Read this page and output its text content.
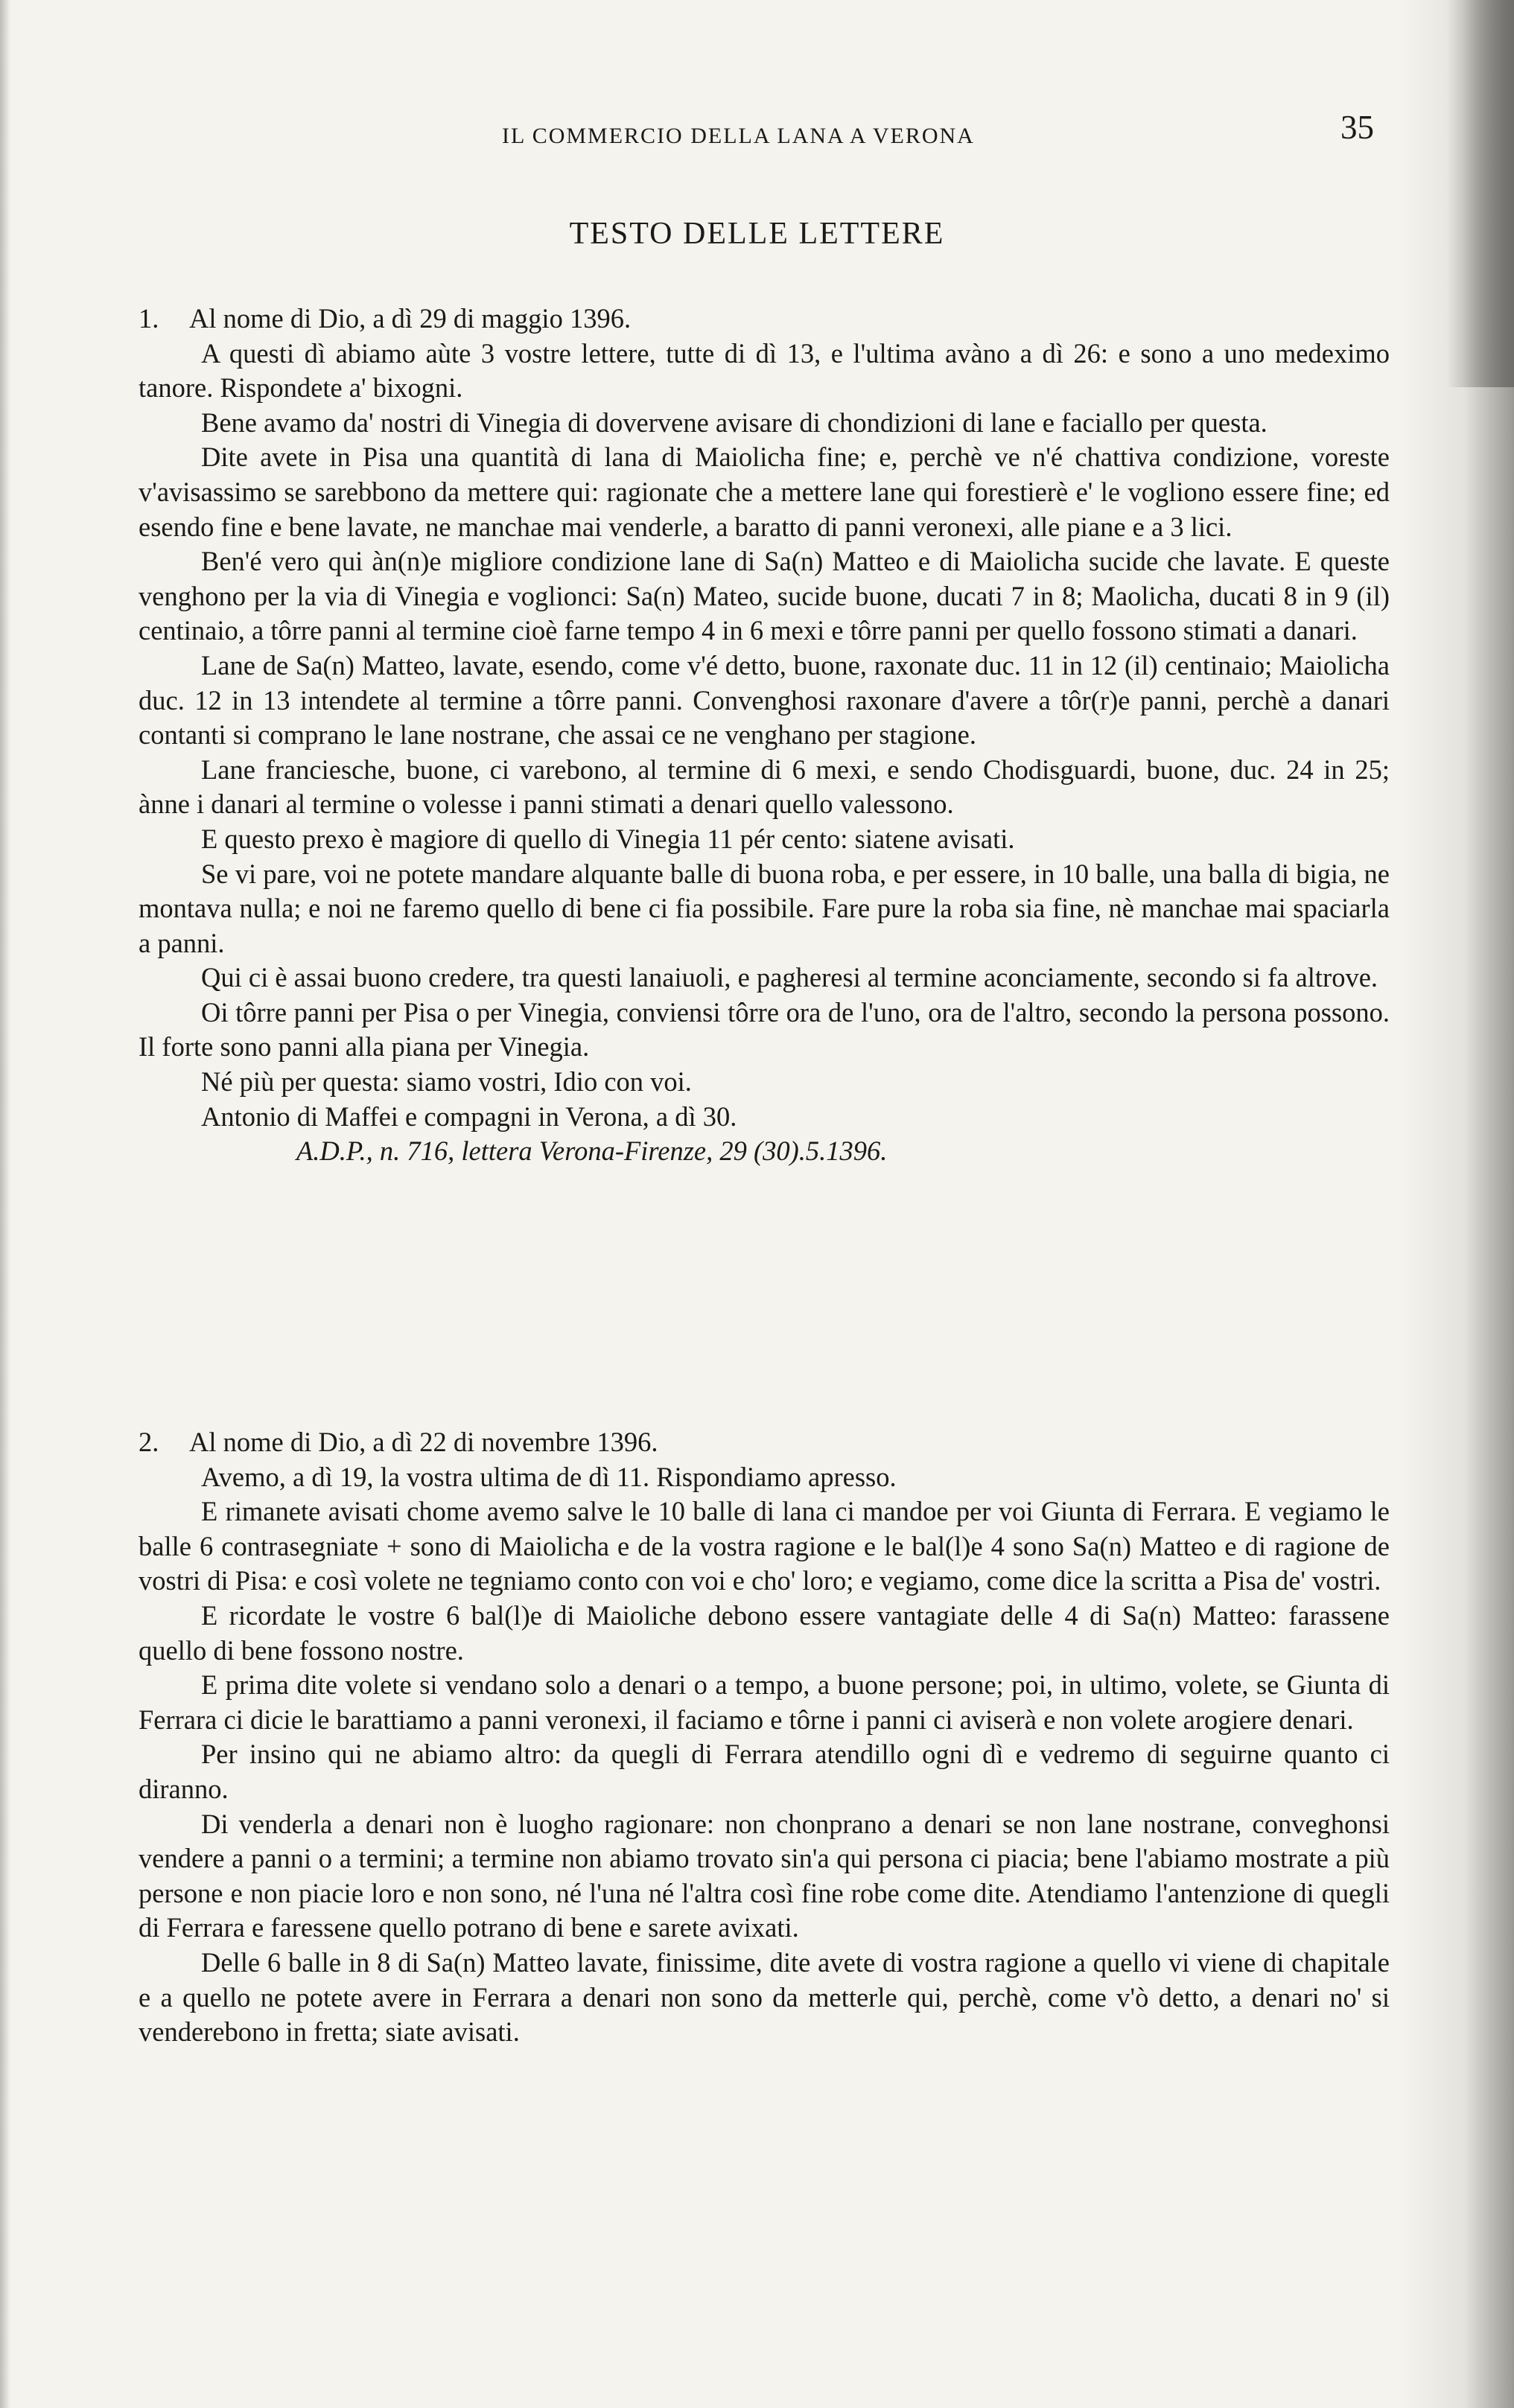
IL COMMERCIO DELLA LANA A VERONA	35
TESTO DELLE LETTERE
1.	Al nome di Dio, a dì 29 di maggio 1396.

A questi dì abiamo aùte 3 vostre lettere, tutte di dì 13, e l'ultima avàno a dì 26: e sono a uno medeximo tanore. Rispondete a' bixogni.

Bene avamo da' nostri di Vinegia di dovervene avisare di chondizioni di lane e faciallo per questa.

Dite avete in Pisa una quantità di lana di Maiolicha fine; e, perchè ve n'é chattiva condizione, voreste v'avisassimo se sarebbono da mettere qui: ragionate che a mettere lane qui forestierè e' le vogliono essere fine; ed esendo fine e bene lavate, ne manchae mai venderle, a baratto di panni veronexi, alle piane e a 3 lici.

Ben'é vero qui àn(n)e migliore condizione lane di Sa(n) Matteo e di Maiolicha sucide che lavate. E queste venghono per la via di Vinegia e voglionci: Sa(n) Mateo, sucide buone, ducati 7 in 8; Maolicha, ducati 8 in 9 (il) centinaio, a tôrre panni al termine cioè farne tempo 4 in 6 mexi e tôrre panni per quello fossono stimati a danari.

Lane de Sa(n) Matteo, lavate, esendo, come v'é detto, buone, raxonate duc. 11 in 12 (il) centinaio; Maiolicha duc. 12 in 13 intendete al termine a tôrre panni. Convenghosi raxonare d'avere a tôr(r)e panni, perchè a danari contanti si comprano le lane nostrane, che assai ce ne venghano per stagione.

Lane franciesche, buone, ci varebono, al termine di 6 mexi, e sendo Chodisguardi, buone, duc. 24 in 25; ànne i danari al termine o volesse i panni stimati a denari quello valessono.

E questo prexo è magiore di quello di Vinegia 11 pér cento: siatene avisati.

Se vi pare, voi ne potete mandare alquante balle di buona roba, e per essere, in 10 balle, una balla di bigia, ne montava nulla; e noi ne faremo quello di bene ci fia possibile. Fare pure la roba sia fine, nè manchae mai spaciarla a panni.

Qui ci è assai buono credere, tra questi lanaiuoli, e pagheresi al termine aconciamente, secondo si fa altrove.

Oi tôrre panni per Pisa o per Vinegia, conviensi tôrre ora de l'uno, ora de l'altro, secondo la persona possono. Il forte sono panni alla piana per Vinegia.

Né più per questa: siamo vostri, Idio con voi.

Antonio di Maffei e compagni in Verona, a dì 30.

A.D.P., n. 716, lettera Verona-Firenze, 29 (30).5.1396.

2.	Al nome di Dio, a dì 22 di novembre 1396.

Avemo, a dì 19, la vostra ultima de dì 11. Rispondiamo apresso.

E rimanete avisati chome avemo salve le 10 balle di lana ci mandoe per voi Giunta di Ferrara. E vegiamo le balle 6 contrasegniate + sono di Maiolicha e de la vostra ragione e le bal(l)e 4 sono Sa(n) Matteo e di ragione de vostri di Pisa: e così volete ne tegniamo conto con voi e cho' loro; e vegiamo, come dice la scritta a Pisa de' vostri.

E ricordate le vostre 6 bal(l)e di Maioliche debono essere vantagiate delle 4 di Sa(n) Matteo: farassene quello di bene fossono nostre.

E prima dite volete si vendano solo a denari o a tempo, a buone persone; poi, in ultimo, volete, se Giunta di Ferrara ci dicie le barattiamo a panni veronexi, il faciamo e tôrne i panni ci aviserà e non volete arogiere denari.

Per insino qui ne abiamo altro: da quegli di Ferrara atendillo ogni dì e vedremo di seguirne quanto ci diranno.

Di venderla a denari non è luogho ragionare: non chonprano a denari se non lane nostrane, conveghonsi vendere a panni o a termini; a termine non abiamo trovato sin'a qui persona ci piacia; bene l'abiamo mostrate a più persone e non piacie loro e non sono, né l'una né l'altra così fine robe come dite. Atendiamo l'antenzione di quegli di Ferrara e faressene quello potrano di bene e sarete avixati.

Delle 6 balle in 8 di Sa(n) Matteo lavate, finissime, dite avete di vostra ragione a quello vi viene di chapitale e a quello ne potete avere in Ferrara a denari non sono da metterle qui, perchè, come v'ò detto, a denari no' si venderebono in fretta; siate avisati.
